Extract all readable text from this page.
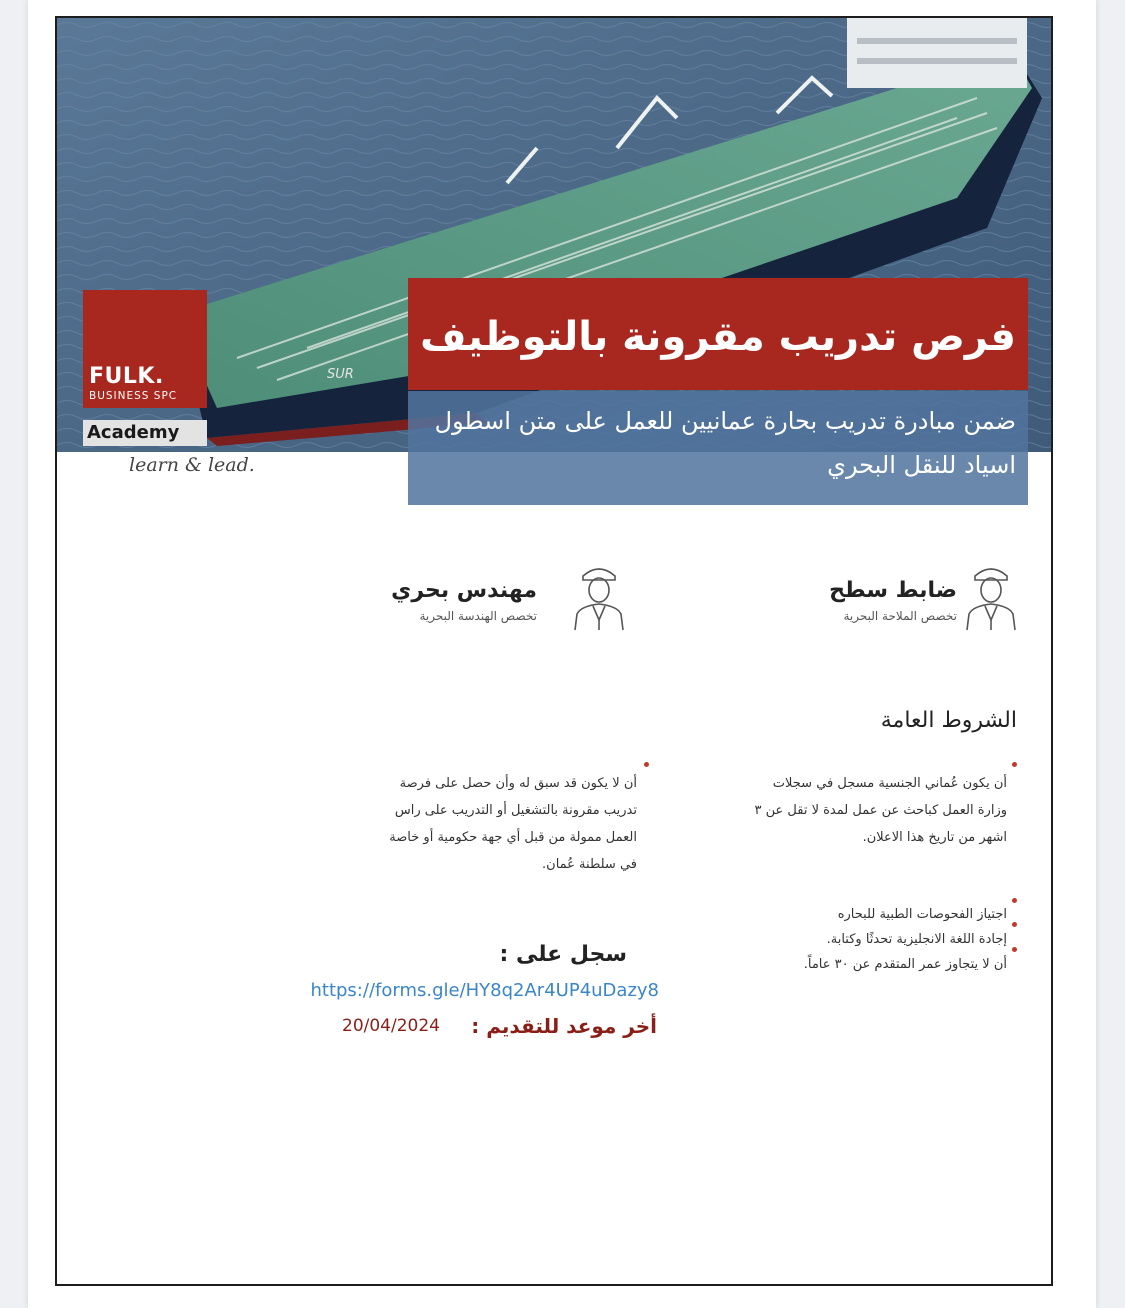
SUR
FULK.
BUSINESS SPC
Academy
learn & lead.
فرص تدريب مقرونة بالتوظيف
ضمن مبادرة تدريب بحارة عمانيين للعمل على متن اسطول
اسياد للنقل البحري
ضابط سطح
تخصص الملاحة البحرية
مهندس بحري
تخصص الهندسة البحرية
الشروط العامة
أن يكون عُماني الجنسية مسجل في سجلات
وزارة العمل كباحث عن عمل لمدة لا تقل عن ٣
اشهر من تاريخ هذا الاعلان.
أن لا يكون قد سبق له وأن حصل على فرصة
تدريب مقرونة بالتشغيل أو التدريب على راس
العمل ممولة من قبل أي جهة حكومية أو خاصة
في سلطنة عُمان.
اجتياز الفحوصات الطبية للبحاره
إجادة اللغة الانجليزية تحدثًا وكتابة.
أن لا يتجاوز عمر المتقدم عن ٣٠ عاماً.
سجل على :
https://forms.gle/HY8q2Ar4UP4uDazy8
أخر موعد للتقديم :
20/04/2024
